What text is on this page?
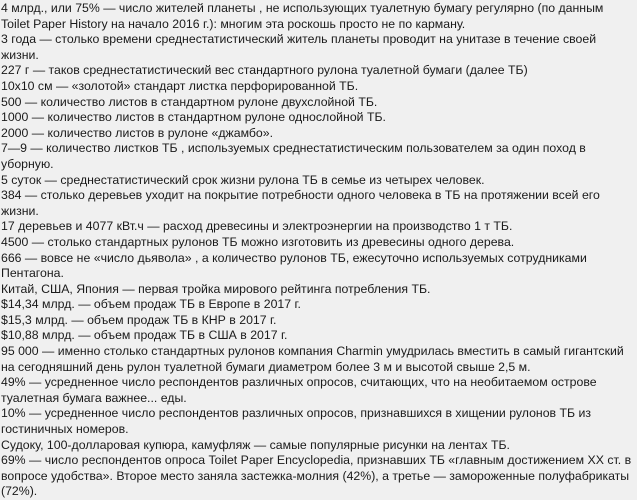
4 млрд., или 75% — число жителей планеты , не использующих туалетную бумагу регулярно (по данным Toilet Paper History на начало 2016 г.): многим эта роскошь просто не по карману.

3 года — столько времени среднестатистический житель планеты проводит на унитазе в течение своей жизни.

227 г — таков среднестатистический вес стандартного рулона туалетной бумаги (далее ТБ)

10х10 см — «золотой» стандарт листка перфорированной ТБ.

500 — количество листов в стандартном рулоне двухслойной ТБ.

1000 — количество листов в стандартном рулоне однослойной ТБ.

2000 — количество листов в рулоне «джамбо».

7—9 — количество листков ТБ , используемых среднестатистическим пользователем за один поход в уборную.

5 суток — среднестатистический срок жизни рулона ТБ в семье из четырех человек.

384 — столько деревьев уходит на покрытие потребности одного человека в ТБ на протяжении всей его жизни.

17 деревьев и 4077 кВт.ч — расход древесины и электроэнергии на производство 1 т ТБ.

4500 — столько стандартных рулонов ТБ можно изготовить из древесины одного дерева.

666 — вовсе не «число дьявола» , а количество рулонов ТБ, ежесуточно используемых сотрудниками Пентагона.

Китай, США, Япония — первая тройка мирового рейтинга потребления ТБ.

$14,34 млрд. — объем продаж ТБ в Европе в 2017 г.

$15,3 млрд. — объем продаж ТБ в КНР в 2017 г.

$10,88 млрд. — объем продаж ТБ в США в 2017 г.

95 000 — именно столько стандартных рулонов компания Charmin умудрилась вместить в самый гигантский на сегодняшний день рулон туалетной бумаги диаметром более 3 м и высотой свыше 2,5 м.

49% — усредненное число респондентов различных опросов, считающих, что на необитаемом острове туалетная бумага важнее... еды.

10% — усредненное число респондентов различных опросов, признавшихся в хищении рулонов ТБ из гостиничных номеров.

Судоку, 100-долларовая купюра, камуфляж — самые популярные рисунки на лентах ТБ.

69% — число респондентов опроса Toilet Paper Encyclopedia, признавших ТБ «главным достижением XX ст. в вопросе удобства». Второе место заняла застежка-молния (42%), а третье — замороженные полуфабрикаты (72%).
